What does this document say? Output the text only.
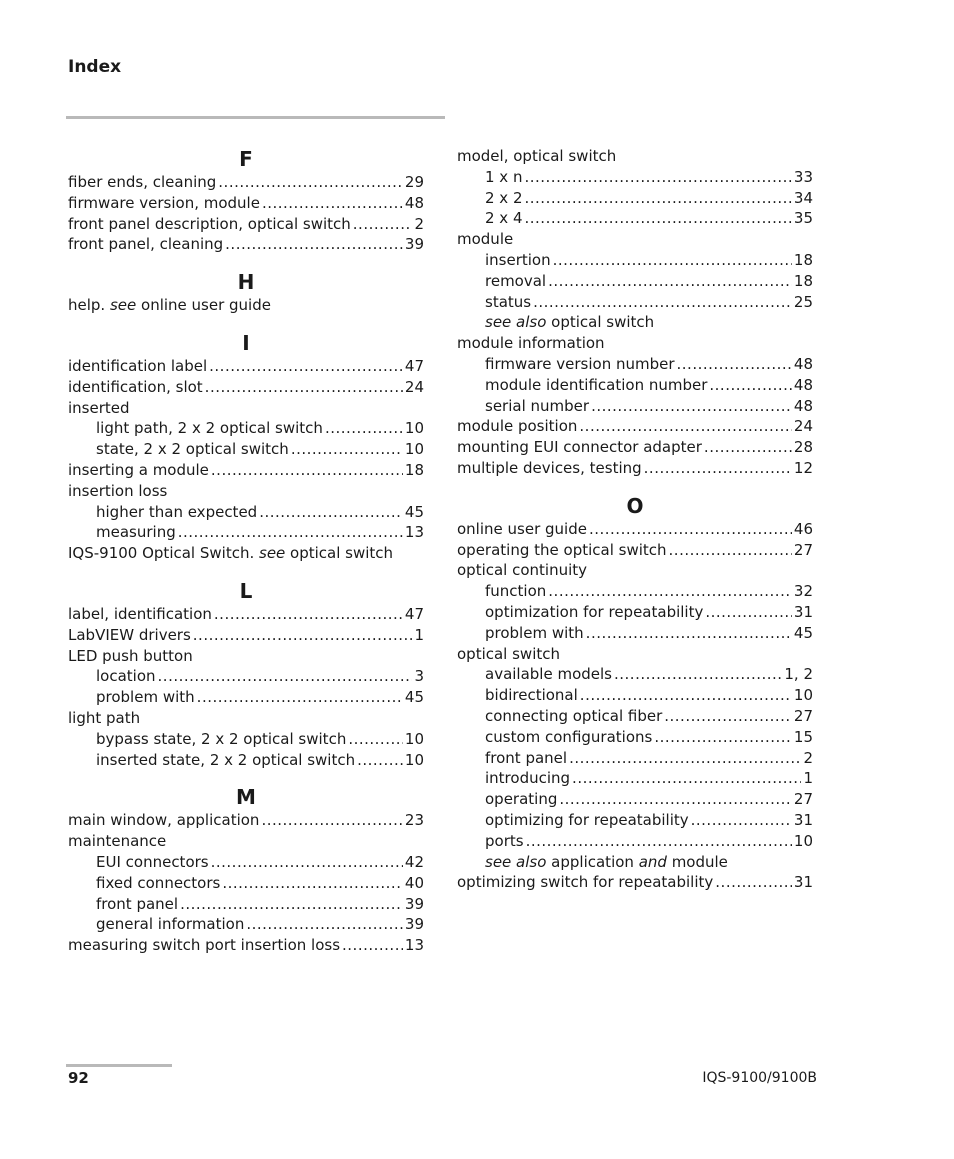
Index
F
fiber ends, cleaning .....	29
firmware version, module .....	48
front panel description, optical switch .....	2
front panel, cleaning .....	39
H
help. see online user guide
I
identification label .....	47
identification, slot .....	24
inserted
light path, 2 x 2 optical switch .....	10
state, 2 x 2 optical switch .....	10
inserting a module .....	18
insertion loss
higher than expected .....	45
measuring .....	13
IQS-9100 Optical Switch. see optical switch
L
label, identification .....	47
LabVIEW drivers .....	1
LED push button
location .....	3
problem with .....	45
light path
bypass state, 2 x 2 optical switch .....	10
inserted state, 2 x 2 optical switch .....	10
M
main window, application .....	23
maintenance
EUI connectors .....	42
fixed connectors .....	40
front panel .....	39
general information .....	39
measuring switch port insertion loss .....	13
model, optical switch
1 x n .....	33
2 x 2 .....	34
2 x 4 .....	35
module
insertion .....	18
removal .....	18
status .....	25
see also optical switch
module information
firmware version number .....	48
module identification number .....	48
serial number .....	48
module position .....	24
mounting EUI connector adapter .....	28
multiple devices, testing .....	12
O
online user guide .....	46
operating the optical switch .....	27
optical continuity
function .....	32
optimization for repeatability .....	31
problem with .....	45
optical switch
available models .....	1, 2
bidirectional .....	10
connecting optical fiber .....	27
custom configurations .....	15
front panel .....	2
introducing .....	1
operating .....	27
optimizing for repeatability .....	31
ports .....	10
see also application and module
optimizing switch for repeatability .....	31
92	IQS-9100/9100B
